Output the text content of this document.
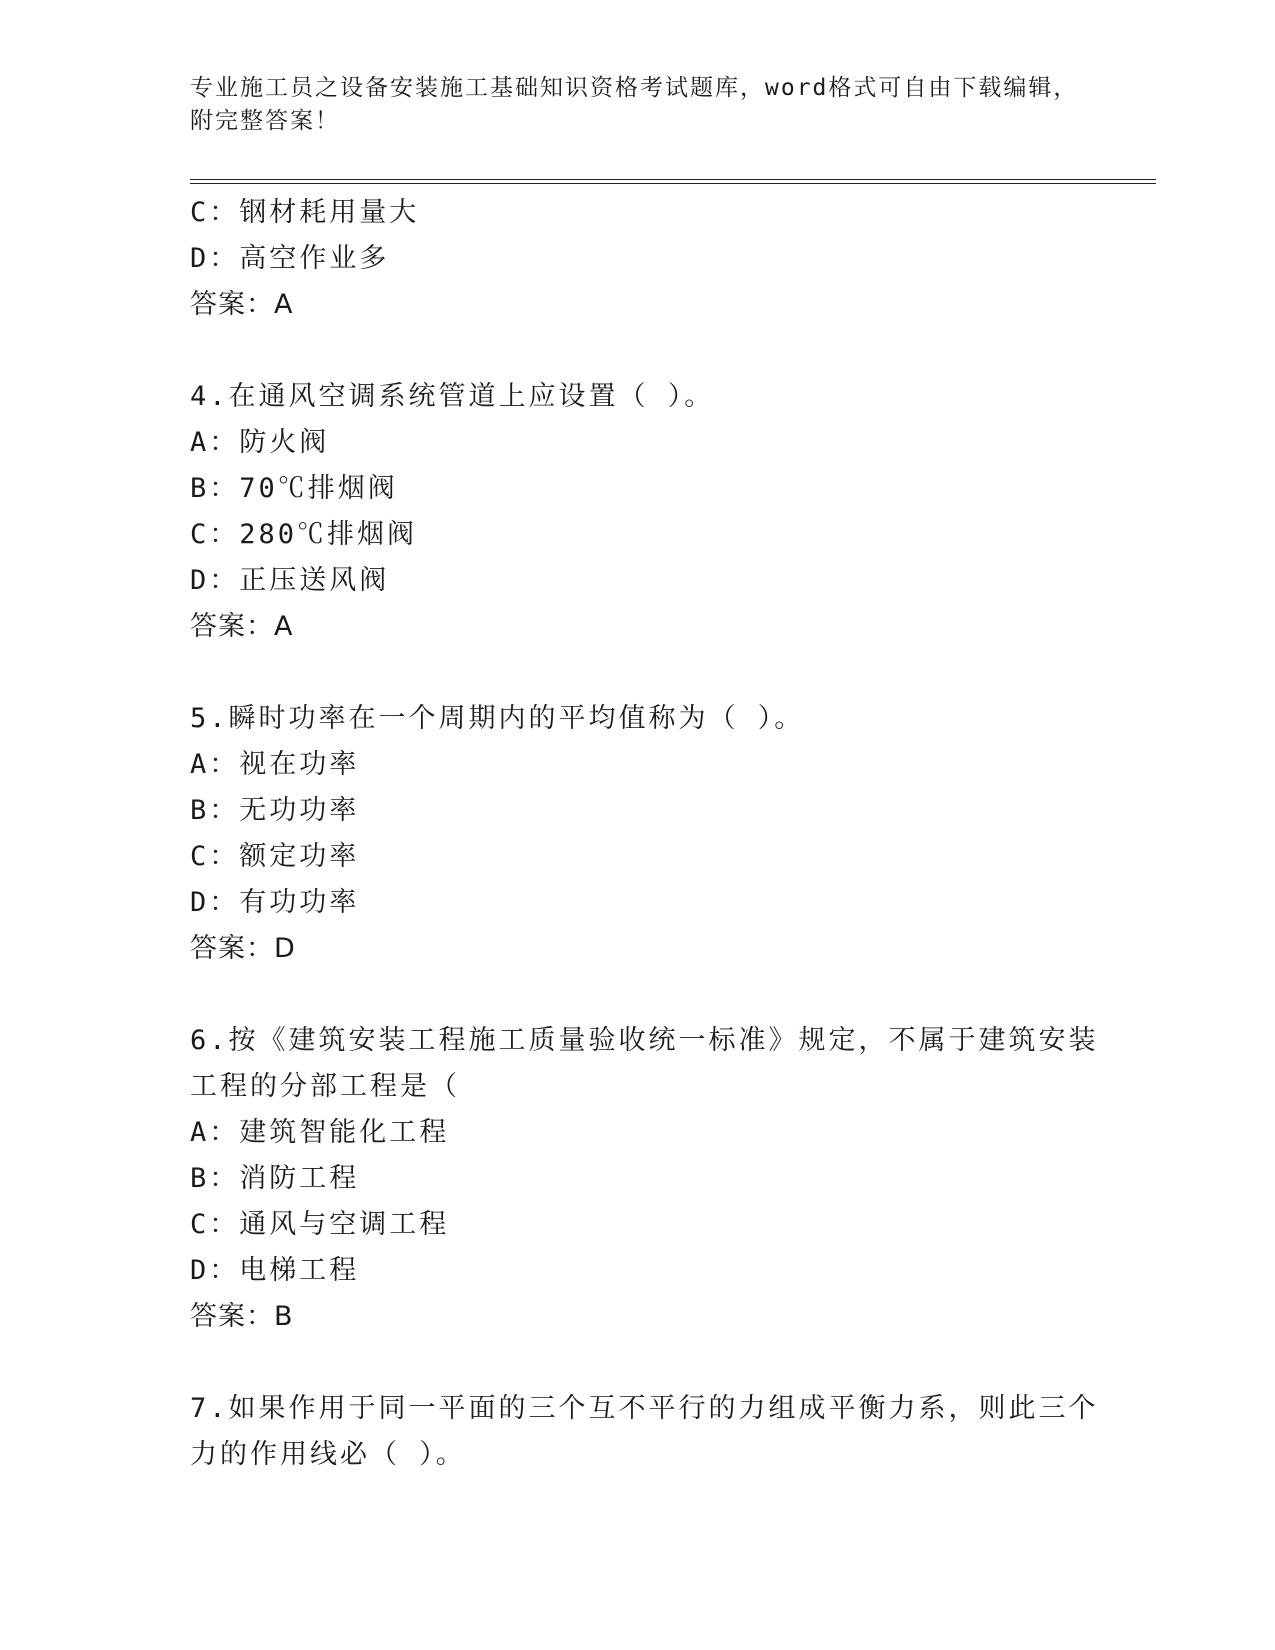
专业施工员之设备安装施工基础知识资格考试题库，word格式可自由下载编辑，
附完整答案！
C：钢材耗用量大
D：高空作业多
答案：A
4.在通风空调系统管道上应设置（ ）。
A：防火阀
B：70℃排烟阀
C：280℃排烟阀
D：正压送风阀
答案：A
5.瞬时功率在一个周期内的平均值称为（ ）。
A：视在功率
B：无功功率
C：额定功率
D：有功功率
答案：D
6.按《建筑安装工程施工质量验收统一标准》规定，不属于建筑安装
工程的分部工程是（
A：建筑智能化工程
B：消防工程
C：通风与空调工程
D：电梯工程
答案：B
7.如果作用于同一平面的三个互不平行的力组成平衡力系，则此三个
力的作用线必（ ）。
